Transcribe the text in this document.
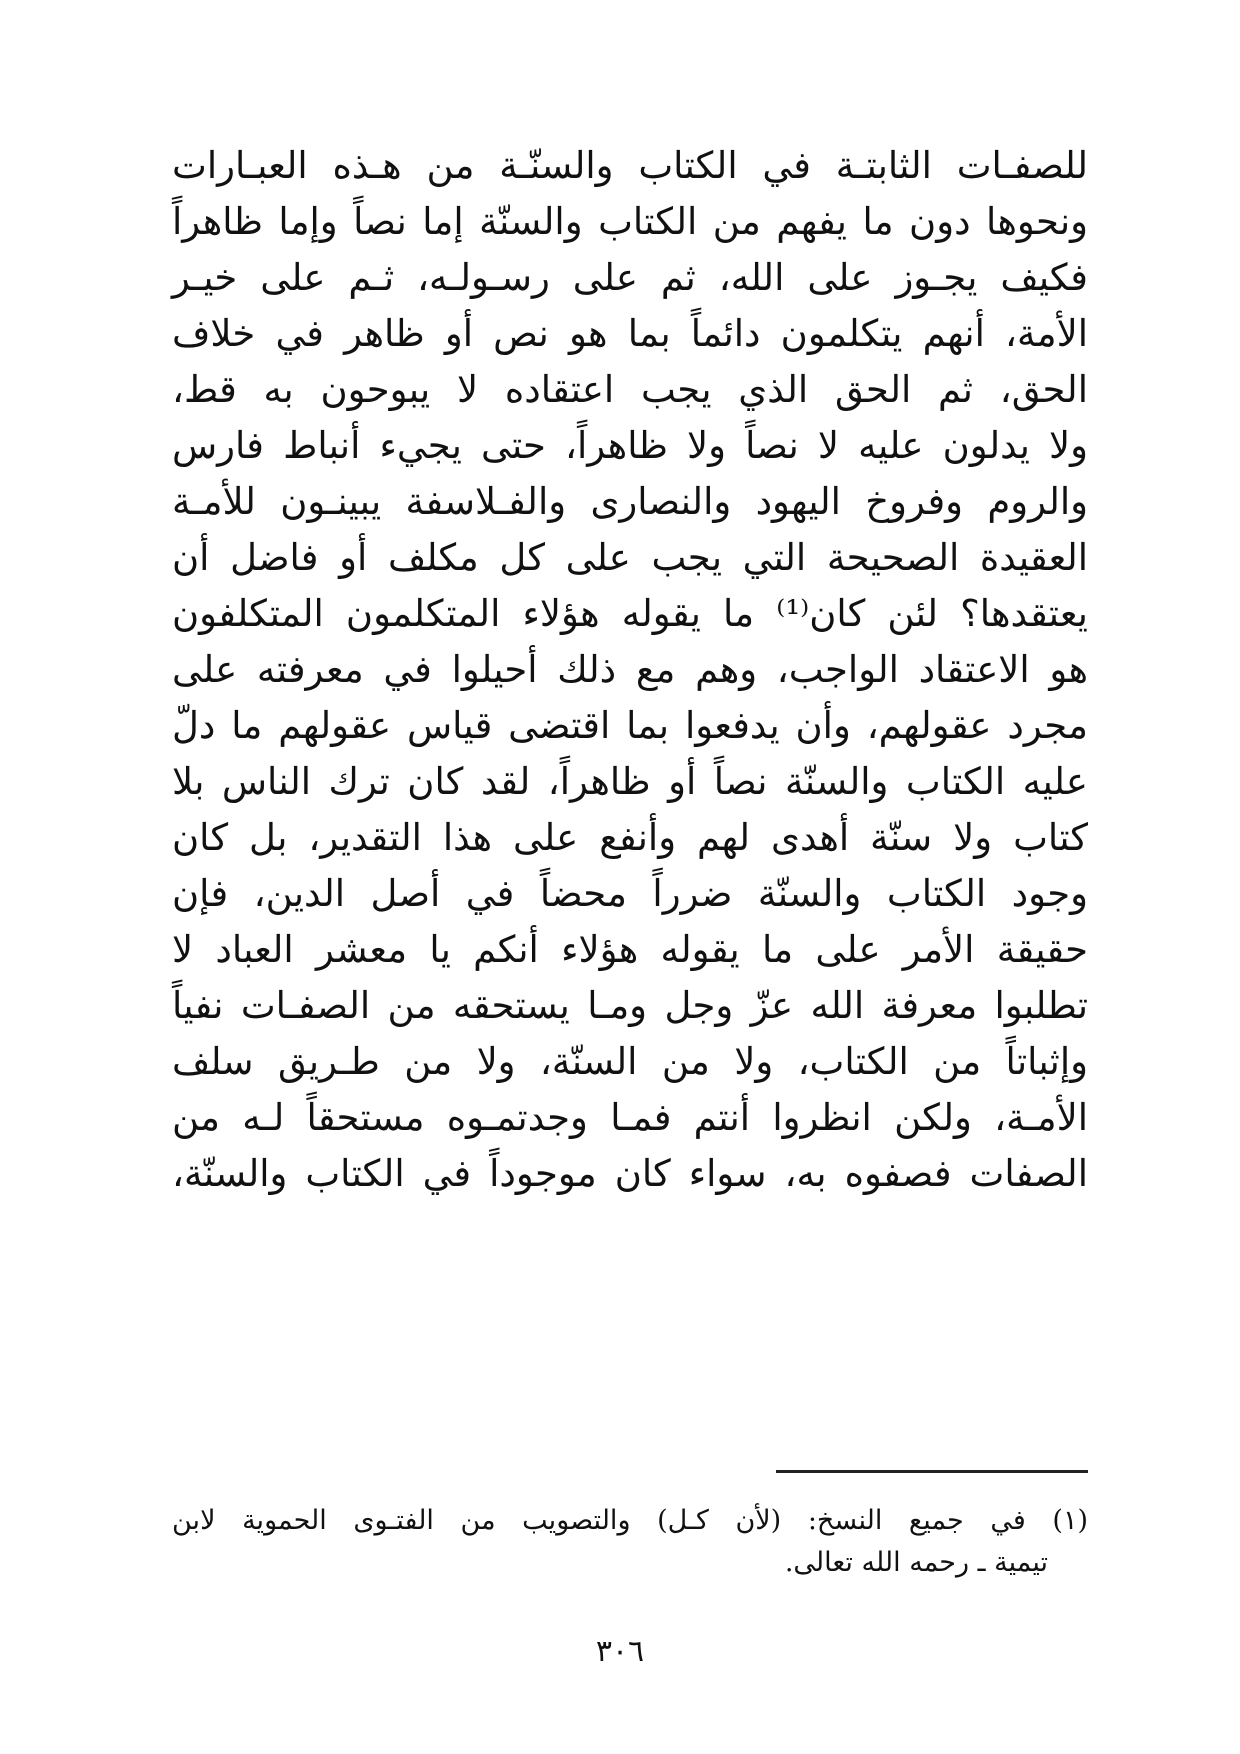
للصفـات الثابتـة في الكتاب والسنّـة من هـذه العبـارات
ونحوها دون ما يفهم من الكتاب والسنّة إما نصاً وإما ظاهراً
فكيف يجـوز على الله، ثم على رسـولـه، ثـم على خيـر
الأمة، أنهم يتكلمون دائماً بما هو نص أو ظاهر في خلاف
الحق، ثم الحق الذي يجب اعتقاده لا يبوحون به قط،
ولا يدلون عليه لا نصاً ولا ظاهراً، حتى يجيء أنباط فارس
والروم وفروخ اليهود والنصارى والفـلاسفة يبينـون للأمـة
العقيدة الصحيحة التي يجب على كل مكلف أو فاضل أن
يعتقدها؟ لئن كان⁽¹⁾ ما يقوله هؤلاء المتكلمون المتكلفون
هو الاعتقاد الواجب، وهم مع ذلك أحيلوا في معرفته على
مجرد عقولهم، وأن يدفعوا بما اقتضى قياس عقولهم ما دلّ
عليه الكتاب والسنّة نصاً أو ظاهراً، لقد كان ترك الناس بلا
كتاب ولا سنّة أهدى لهم وأنفع على هذا التقدير، بل كان
وجود الكتاب والسنّة ضرراً محضاً في أصل الدين، فإن
حقيقة الأمر على ما يقوله هؤلاء أنكم يا معشر العباد لا
تطلبوا معرفة الله عزّ وجل ومـا يستحقه من الصفـات نفياً
وإثباتاً من الكتاب، ولا من السنّة، ولا من طـريق سلف
الأمـة، ولكن انظروا أنتم فمـا وجدتمـوه مستحقاً لـه من
الصفات فصفوه به، سواء كان موجوداً في الكتاب والسنّة،
(١) في جميع النسخ: (لأن كـل) والتصويب من الفتـوى الحموية لابن
تيمية ـ رحمه الله تعالى.
٣٠٦
